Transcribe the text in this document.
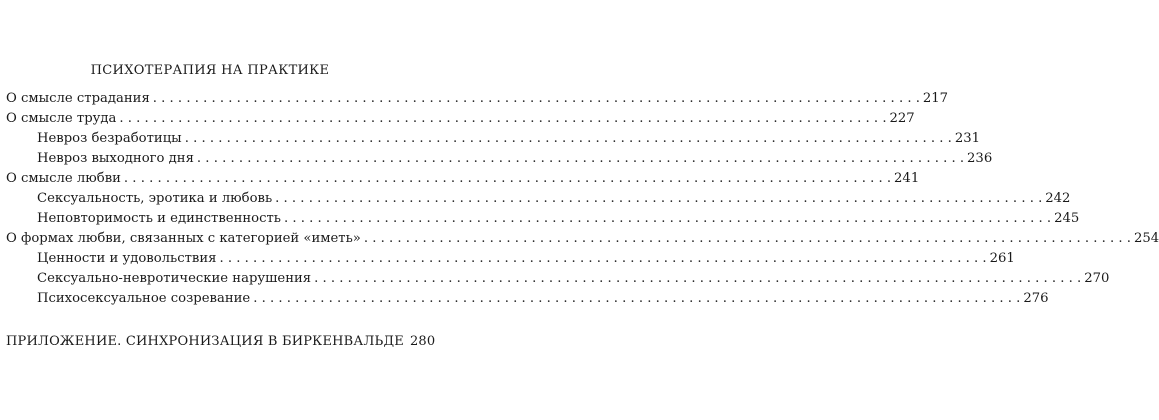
ПСИХОТЕРАПИЯ НА ПРАКТИКЕ
О смысле страдания . . .	217
О смысле труда . . .	227
Невроз безработицы . . .	231
Невроз выходного дня . . .	236
О смысле любви . . .	241
Сексуальность, эротика и любовь . . .	242
Неповторимость и единственность . . .	245
О формах любви, связанных с категорией «иметь» . . .	254
Ценности и удовольствия . . .	261
Сексуально-невротические нарушения . . .	270
Психосексуальное созревание . . .	276
ПРИЛОЖЕНИЕ. СИНХРОНИЗАЦИЯ В БИРКЕНВАЛЬДЕ 280
